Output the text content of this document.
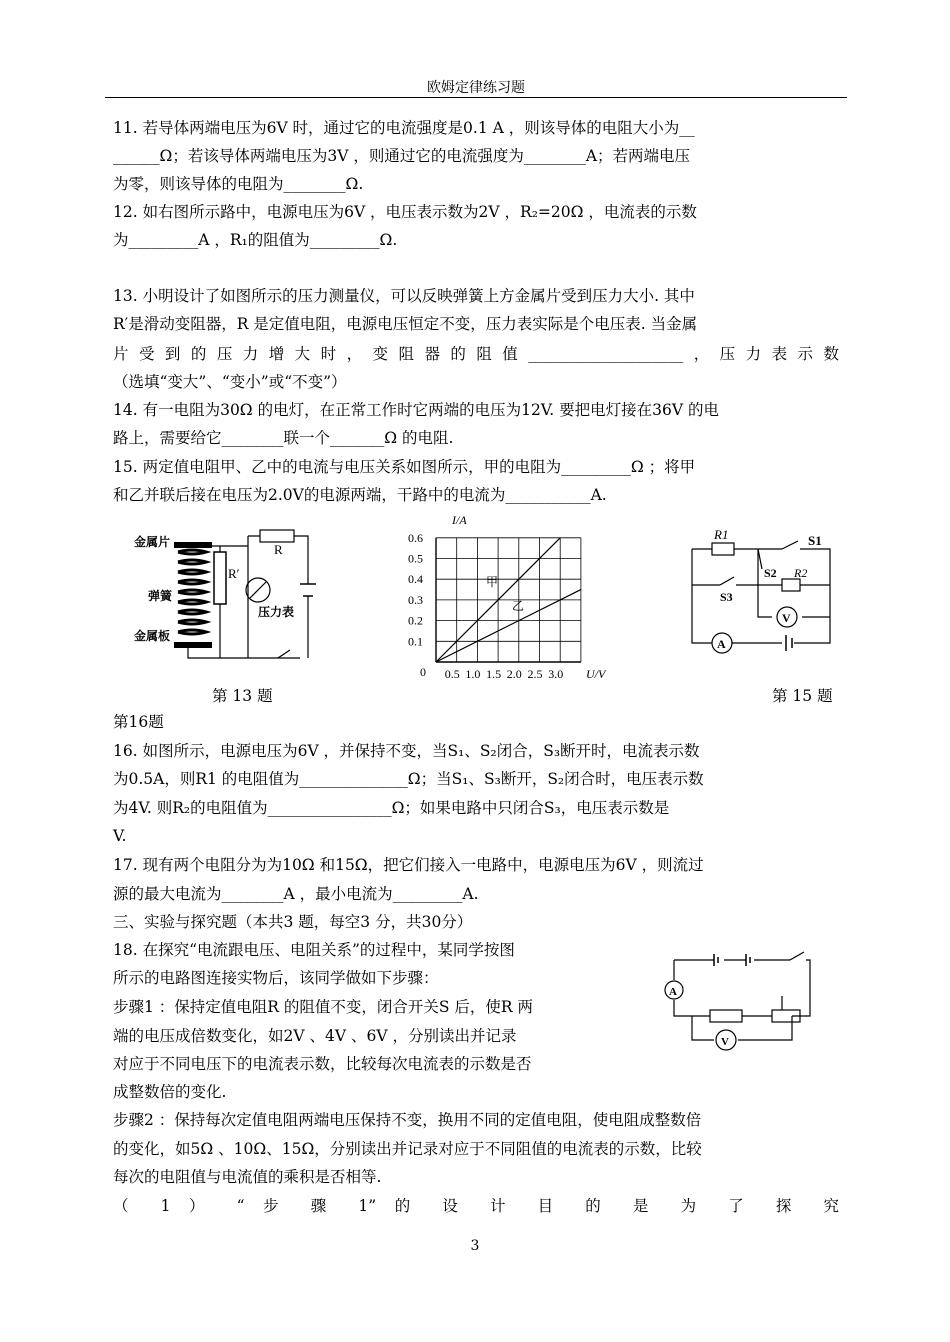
欧姆定律练习题
11. 若导体两端电压为6V 时，通过它的电流强度是0.1 A ，则该导体的电阻大小为__
______Ω；若该导体两端电压为3V ，则通过它的电流强度为________A；若两端电压
为零，则该导体的电阻为________Ω.
12. 如右图所示路中，电源电压为6V ，电压表示数为2V ，R₂=20Ω ，电流表的示数
为_________A ，R₁的阻值为_________Ω.
13. 小明设计了如图所示的压力测量仪，可以反映弹簧上方金属片受到压力大小. 其中
R′是滑动变阻器，R 是定值电阻，电源电压恒定不变，压力表实际是个电压表. 当金属
片受到的压力增大时，变阻器的阻值____________________，压力表示数
（选填“变大”、“变小”或“不变”）
14. 有一电阻为30Ω 的电灯，在正常工作时它两端的电压为12V. 要把电灯接在36V 的电
路上，需要给它________联一个_______Ω 的电阻.
15. 两定值电阻甲、乙中的电流与电压关系如图所示，甲的电阻为_________Ω ；将甲
和乙并联后接在电压为2.0V的电源两端，干路中的电流为___________A.
金属片
弹簧
金属板
R′
R
压力表
I/A
U/V
0
0.1
0.2
0.3
0.4
0.5
0.6
0.5 1.0 1.5 2.0 2.5 3.0
甲
乙
R1	S1
S2
S3
R2
V
A
第 13 题	第 15 题
第16题
16. 如图所示，电源电压为6V ，并保持不变，当S₁、S₂闭合，S₃断开时，电流表示数
为0.5A，则R1 的电阻值为______________Ω；当S₁、S₃断开，S₂闭合时，电压表示数
为4V. 则R₂的电阻值为________________Ω；如果电路中只闭合S₃，电压表示数是
V.
17. 现有两个电阻分为为10Ω 和15Ω，把它们接入一电路中，电源电压为6V ，则流过
源的最大电流为________A ，最小电流为_________A.
三、实验与探究题（本共3 题，每空3 分，共30分）
18. 在探究“电流跟电压、电阻关系”的过程中，某同学按图
所示的电路图连接实物后，该同学做如下步骤：
步骤1 ：保持定值电阻R 的阻值不变，闭合开关S 后，使R 两
端的电压成倍数变化，如2V 、4V 、6V ，分别读出并记录
对应于不同电压下的电流表示数，比较每次电流表的示数是否
成整数倍的变化.
A
V
步骤2 ：保持每次定值电阻两端电压保持不变，换用不同的定值电阻，使电阻成整数倍
的变化，如5Ω 、10Ω、15Ω，分别读出并记录对应于不同阻值的电流表的示数，比较
每次的电阻值与电流值的乘积是否相等.
（ 1 ） “ 步 骤 1” 的 设 计 目 的 是 为 了 探 究
3
